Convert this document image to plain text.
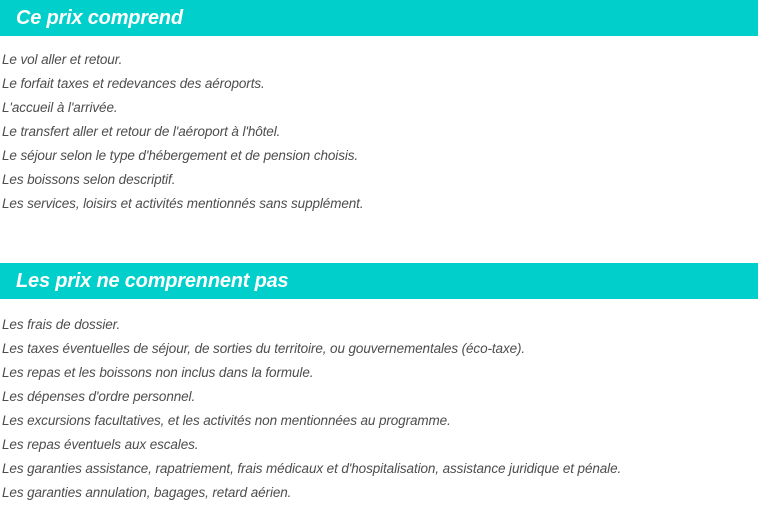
Ce prix comprend
Le vol aller et retour.
Le forfait taxes et redevances des aéroports.
L'accueil à l'arrivée.
Le transfert aller et retour de l'aéroport à l'hôtel.
Le séjour selon le type d'hébergement et de pension choisis.
Les boissons selon descriptif.
Les services, loisirs et activités mentionnés sans supplément.
Les prix ne comprennent pas
Les frais de dossier.
Les taxes éventuelles de séjour, de sorties du territoire, ou gouvernementales (éco-taxe).
Les repas et les boissons non inclus dans la formule.
Les dépenses d'ordre personnel.
Les excursions facultatives, et les activités non mentionnées au programme.
Les repas éventuels aux escales.
Les garanties assistance, rapatriement, frais médicaux et d'hospitalisation, assistance juridique et pénale.
Les garanties annulation, bagages, retard aérien.
